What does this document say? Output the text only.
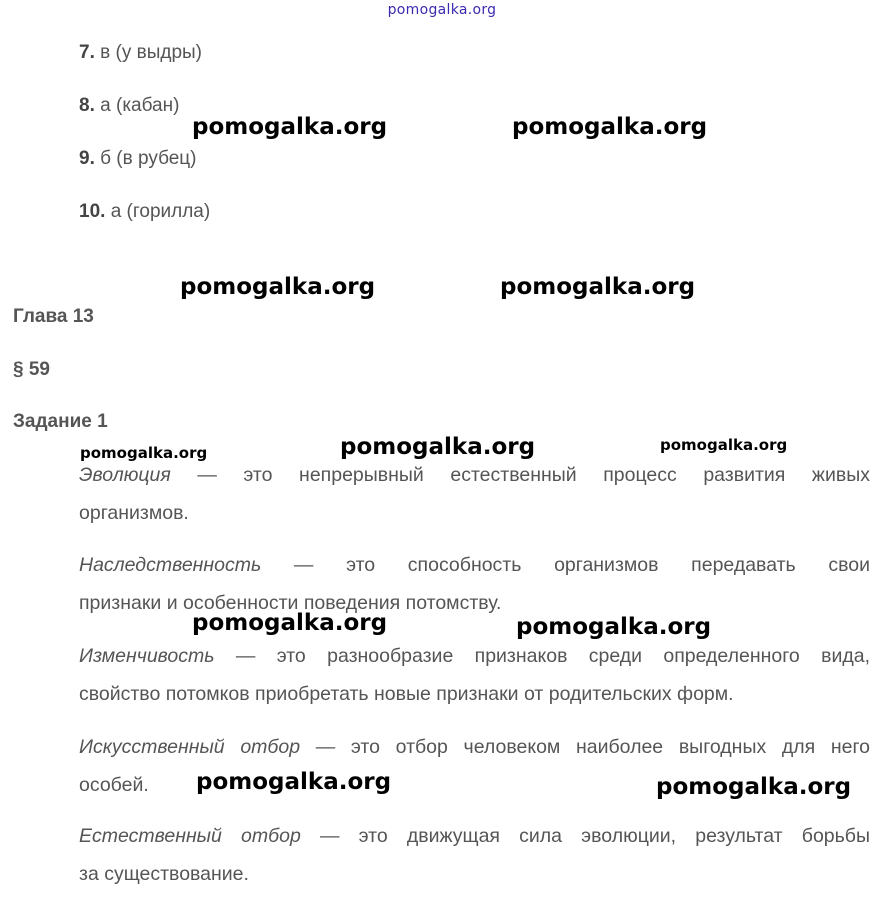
pomogalka.org
7. в (у выдры)
8. а (кабан)
9. б (в рубец)
10. а (горилла)
Глава 13
§ 59
Задание 1
Эволюция — это непрерывный естественный процесс развития живых
организмов.
Наследственность — это способность организмов передавать свои
признаки и особенности поведения потомству.
Изменчивость — это разнообразие признаков среди определенного вида,
свойство потомков приобретать новые признаки от родительских форм.
Искусственный отбор — это отбор человеком наиболее выгодных для него
особей.
Естественный отбор — это движущая сила эволюции, результат борьбы
за существование.
pomogalka.org	pomogalka.org
pomogalka.org	pomogalka.org
pomogalka.org	pomogalka.org	pomogalka.org
pomogalka.org	pomogalka.org
pomogalka.org	pomogalka.org
